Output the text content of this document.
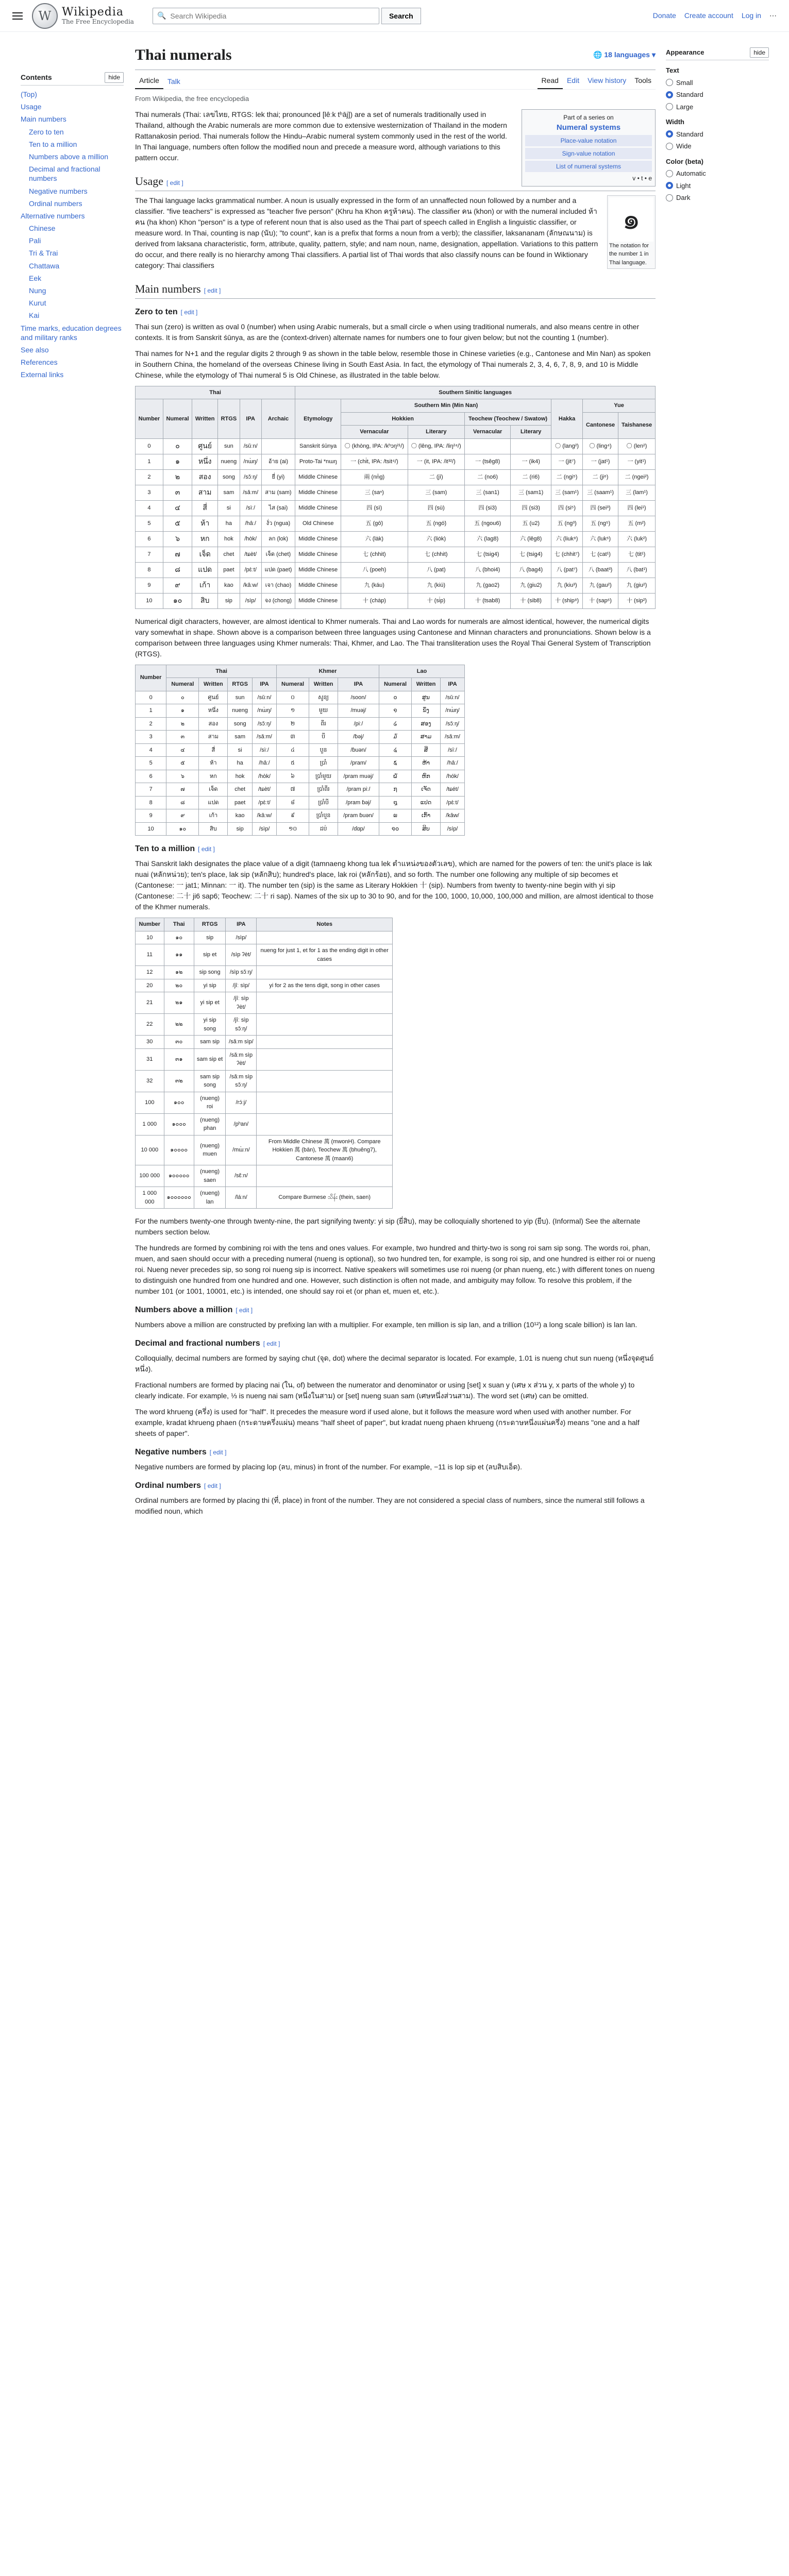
W Wikipedia
The Free Encyclopedia
🔍
Search Wikipedia	Search	Donate Create account Log in ⋯
Contents	hide
(Top)
Usage
Main numbers
Zero to ten
Ten to a million
Numbers above a million
Decimal and fractional numbers
Negative numbers
Ordinal numbers
Alternative numbers
Chinese
Pali
Tri & Trai
Chattawa
Eek
Nung
Kurut
Kai
Time marks, education degrees and military ranks
See also
References
External links
Thai numerals	🌐 18 languages ▾
Article	Talk	Read	Edit	View history	Tools
From Wikipedia, the free encyclopedia
Part of a series on
Numeral systems
Place-value notation
Sign-value notation
List of numeral systems
v • t • e

Thai numerals (Thai: เลขไทย, RTGS: lek thai; pronounced [lêːk tʰāj]) are a set of numerals traditionally used in Thailand, although the Arabic numerals are more common due to extensive westernization of Thailand in the modern Rattanakosin period. Thai numerals follow the Hindu–Arabic numeral system commonly used in the rest of the world. In Thai language, numbers often follow the modified noun and precede a measure word, although variations to this pattern occur.

Usage [ edit ]
๑
The notation for the number 1 in Thai language.

The Thai language lacks grammatical number. A noun is usually expressed in the form of an unnaffected noun followed by a number and a classifier. "five teachers" is expressed as "teacher five person" (Khru ha Khon ครูห้าคน). The classifier คน (khon) or with the numeral included ห้าคน (ha khon) Khon "person" is a type of referent noun that is also used as the Thai part of speech called in English a linguistic classifier, or measure word. In Thai, counting is nap (นับ); "to count", kan is a prefix that forms a noun from a verb); the classifier, laksananam (ลักษณนาม) is derived from laksana characteristic, form, attribute, quality, pattern, style; and nam noun, name, designation, appellation. Variations to this pattern do occur, and there really is no hierarchy among Thai classifiers. A partial list of Thai words that also classify nouns can be found in Wiktionary category: Thai classifiers

Main numbers [ edit ]
Zero to ten [ edit ]

Thai sun (zero) is written as oval 0 (number) when using Arabic numerals, but a small circle ๐ when using traditional numerals, and also means centre in other contexts. It is from Sanskrit śūnya, as are the (context-driven) alternate names for numbers one to four given below; but not the counting 1 (number).

Thai names for N+1 and the regular digits 2 through 9 as shown in the table below, resemble those in Chinese varieties (e.g., Cantonese and Min Nan) as spoken in Southern China, the homeland of the overseas Chinese living in South East Asia. In fact, the etymology of Thai numerals 2, 3, 4, 6, 7, 8, 9, and 10 is Middle Chinese, while the etymology of Thai numeral 5 is Old Chinese, as illustrated in the table below.

Thai						Southern Sinitic languages							
Number	Numeral	Written	RTGS	IPA	Archaic	Etymology	Southern Min (Min Nan)				Hakka	Yue	
							Hokkien		Teochew (Teochew / Swatow)			Cantonese	Taishanese
							Vernacular	Literary	Vernacular	Literary			
0	๐	ศูนย์	sun	/sǔːn/		Sanskrit śūnya	〇 (khòng, IPA: /kʰɔŋ²¹/)	〇 (lêng, IPA: /liŋ²⁴/)			〇 (lang²)	〇 (ling⁴)	〇 (len²)
1	๑	หนึ่ง	nueng	/nɯ̀ŋ/	อ้าย (ai)	Proto-Tai *nɯŋ	一 (chi̍t, IPA: /tsit⁴/)	一 (it, IPA: /it³²/)	一 (tsêg8)	一 (ik4)	一 (jit⁷)	一 (jat¹)	一 (yit¹)
2	๒	สอง	song	/sɔ̌ːŋ/	ยี่ (yi)	Middle Chinese	兩 (nn̄g)	二 (jī)	二 (no6)	二 (ri6)	二 (ngi⁵)	二 (ji⁶)	二 (ngei²)
3	๓	สาม	sam	/sǎːm/	สาม (sam)	Middle Chinese	三 (saⁿ)	三 (sam)	三 (san1)	三 (sam1)	三 (sam¹)	三 (saam¹)	三 (lam¹)
4	๔	สี่	si	/sìː/	ไส (sai)	Middle Chinese	四 (sì)	四 (sù)	四 (si3)	四 (si3)	四 (si⁵)	四 (sei³)	四 (lei¹)
5	๕	ห้า	ha	/hâː/	งั่ว (ngua)	Old Chinese	五 (gō͘)	五 (ngó͘)	五 (ngou6)	五 (u2)	五 (ng³)	五 (ng⁵)	五 (m²)
6	๖	หก	hok	/hòk/	ลก (lok)	Middle Chinese	六 (la̍k)	六 (lio̍k)	六 (lag8)	六 (lêg8)	六 (liuk⁸)	六 (luk⁶)	六 (luk²)
7	๗	เจ็ด	chet	/tɕèt/	เจ็ด (chet)	Middle Chinese	七 (chhit)	七 (chhit)	七 (tsig4)	七 (tsig4)	七 (chhit⁷)	七 (cat¹)	七 (tit¹)
8	๘	แปด	paet	/pɛ̀ːt/	แปด (paet)	Middle Chinese	八 (poeh)	八 (pat)	八 (bhoi4)	八 (bag4)	八 (pat⁷)	八 (baat³)	八 (bat¹)
9	๙	เก้า	kao	/kâːw/	เจา (chao)	Middle Chinese	九 (káu)	九 (kiú)	九 (gao2)	九 (giu2)	九 (kiu³)	九 (gau²)	九 (giu²)
10	๑๐	สิบ	sip	/sìp/	จง (chong)	Middle Chinese	十 (cha̍p)	十 (si̍p)	十 (tsab8)	十 (sib8)	十 (ship⁸)	十 (sap⁶)	十 (sip²)

Numerical digit characters, however, are almost identical to Khmer numerals. Thai and Lao words for numerals are almost identical, however, the numerical digits vary somewhat in shape. Shown above is a comparison between three languages using Cantonese and Minnan characters and pronunciations. Shown below is a comparison between three languages using Khmer numerals: Thai, Khmer, and Lao. The Thai transliteration uses the Royal Thai General System of Transcription (RTGS).

Number	Thai				Khmer			Lao		
	Numeral	Written	RTGS	IPA	Numeral	Written	IPA	Numeral	Written	IPA
0	๐	ศูนย์	sun	/sǔːn/	០	សូន្យ	/soon/	໐	ສູນ	/sǔːn/
1	๑	หนึ่ง	nueng	/nɯ̀ŋ/	១	មួយ	/muəj/	໑	ນຶ່ງ	/nɯ̀ŋ/
2	๒	สอง	song	/sɔ̌ːŋ/	២	ពីរ	/piː/	໒	ສອງ	/sɔ̌ːŋ/
3	๓	สาม	sam	/sǎːm/	៣	បី	/ɓəj/	໓	ສາມ	/sǎːm/
4	๔	สี่	si	/sìː/	៤	បួន	/ɓuən/	໔	ສີ່	/sīː/
5	๕	ห้า	ha	/hâː/	៥	ប្រាំ	/pram/	໕	ຫ້າ	/hâː/
6	๖	หก	hok	/hòk/	៦	ប្រាំមួយ	/pram muəj/	໖	ຫົກ	/hók/
7	๗	เจ็ด	chet	/tɕèt/	៧	ប្រាំពីរ	/pram piː/	໗	ເຈັດ	/tɕét/
8	๘	แปด	paet	/pɛ̀ːt/	៨	ប្រាំបី	/pram ɓəj/	໘	ແປດ	/pɛ̀ːt/
9	๙	เก้า	kao	/kâːw/	៩	ប្រាំបួន	/pram ɓuən/	໙	ເກົ້າ	/kâw/
10	๑๐	สิบ	sip	/sìp/	១០	ដប់	/ɗɑp/	໑໐	ສິບ	/síp/
Ten to a million [ edit ]

Thai Sanskrit lakh designates the place value of a digit (tamnaeng khong tua lek ตำแหน่งของตัวเลข), which are named for the powers of ten: the unit's place is lak nuai (หลักหน่วย); ten's place, lak sip (หลักสิบ); hundred's place, lak roi (หลักร้อย), and so forth. The number one following any multiple of sip becomes et (Cantonese: 一 jat1; Minnan: 一 it). The number ten (sip) is the same as Literary Hokkien 十 (sip). Numbers from twenty to twenty-nine begin with yi sip (Cantonese: 二十 ji6 sap6; Teochew: 二十 ri sap). Names of the six up to 30 to 90, and for the 100, 1000, 10,000, 100,000 and million, are almost identical to those of the Khmer numerals.

Number	Thai	RTGS	IPA	Notes
10	๑๐	sip	/sìp/	
11	๑๑	sip et	/sìp ʔèt/	nueng for just 1, et for 1 as the ending digit in other cases
12	๑๒	sip song	/sìp sɔ̌ːŋ/	
20	๒๐	yi sip	/jîː sìp/	yi for 2 as the tens digit, song in other cases
21	๒๑	yi sip et	/jîː sìp ʔèt/	
22	๒๒	yi sip song	/jîː sìp sɔ̌ːŋ/	
30	๓๐	sam sip	/sǎːm sìp/	
31	๓๑	sam sip et	/sǎːm sìp ʔèt/	
32	๓๒	sam sip song	/sǎːm sìp sɔ̌ːŋ/	
100	๑๐๐	(nueng) roi	/rɔ́ːj/	
1 000	๑๐๐๐	(nueng) phan	/pʰan/	
10 000	๑๐๐๐๐	(nueng) muen	/mɯ̀ːn/	From Middle Chinese 萬 (mwonH). Compare Hokkien 萬 (bān), Teochew 萬 (bhuêng7), Cantonese 萬 (maan6)
100 000	๑๐๐๐๐๐	(nueng) saen	/sɛ̌ːn/	
1 000 000	๑๐๐๐๐๐๐	(nueng) lan	/láːn/	Compare Burmese သိန်း (thein, saen)

For the numbers twenty-one through twenty-nine, the part signifying twenty: yi sip (ยี่สิบ), may be colloquially shortened to yip (ยีบ). (Informal) See the alternate numbers section below.

The hundreds are formed by combining roi with the tens and ones values. For example, two hundred and thirty-two is song roi sam sip song. The words roi, phan, muen, and saen should occur with a preceding numeral (nueng is optional), so two hundred ten, for example, is song roi sip, and one hundred is either roi or nueng roi. Nueng never precedes sip, so song roi nueng sip is incorrect. Native speakers will sometimes use roi nueng (or phan nueng, etc.) with different tones on nueng to distinguish one hundred from one hundred and one. However, such distinction is often not made, and ambiguity may follow. To resolve this problem, if the number 101 (or 1001, 10001, etc.) is intended, one should say roi et (or phan et, muen et, etc.).

Numbers above a million [ edit ]

Numbers above a million are constructed by prefixing lan with a multiplier. For example, ten million is sip lan, and a trillion (10¹²) a long scale billion) is lan lan.

Decimal and fractional numbers [ edit ]

Colloquially, decimal numbers are formed by saying chut (จุด, dot) where the decimal separator is located. For example, 1.01 is nueng chut sun nueng (หนึ่งจุดศูนย์หนึ่ง).

Fractional numbers are formed by placing nai (ใน, of) between the numerator and denominator or using [set] x suan y (เศษ x ส่วน y, x parts of the whole y) to clearly indicate. For example, ⅓ is nueng nai sam (หนึ่งในสาม) or [set] nueng suan sam (เศษหนึ่งส่วนสาม). The word set (เศษ) can be omitted.

The word khrueng (ครึ่ง) is used for "half". It precedes the measure word if used alone, but it follows the measure word when used with another number. For example, kradat khrueng phaen (กระดาษครึ่งแผ่น) means "half sheet of paper", but kradat nueng phaen khrueng (กระดาษหนึ่งแผ่นครึ่ง) means "one and a half sheets of paper".

Negative numbers [ edit ]

Negative numbers are formed by placing lop (ลบ, minus) in front of the number. For example, −11 is lop sip et (ลบสิบเอ็ด).

Ordinal numbers [ edit ]

Ordinal numbers are formed by placing thi (ที่, place) in front of the number. They are not considered a special class of numbers, since the numeral still follows a modified noun, which

Appearance	hide
Text
Small
Standard
Large
Width
Standard
Wide
Color (beta)
Automatic
Light
Dark
